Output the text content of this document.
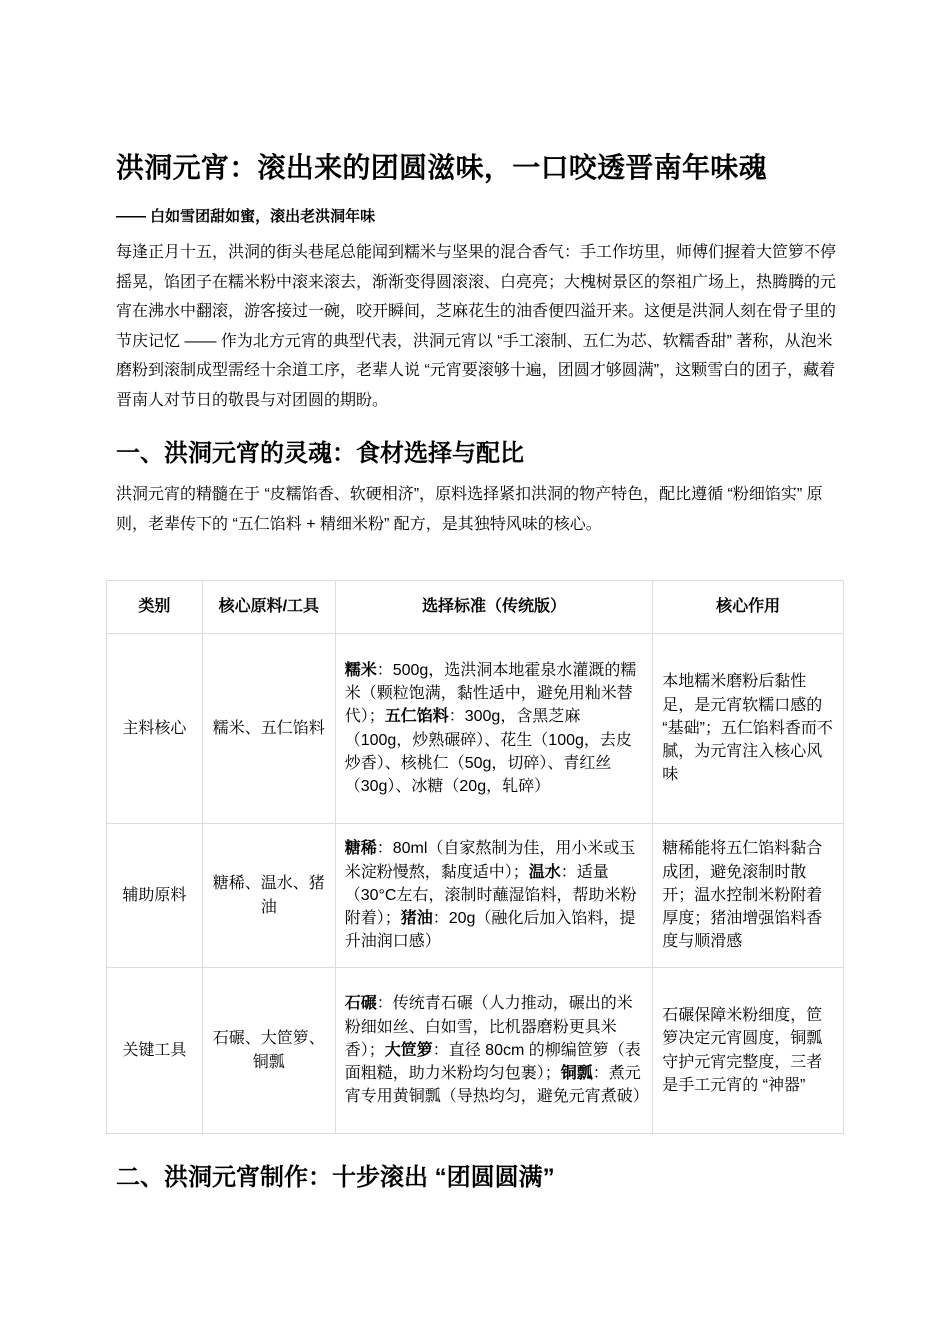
洪洞元宵：滚出来的团圆滋味，一口咬透晋南年味魂
—— 白如雪团甜如蜜，滚出老洪洞年味

每逢正月十五，洪洞的街头巷尾总能闻到糯米与坚果的混合香气：手工作坊里，师傅们握着大笸箩不停摇晃，馅团子在糯米粉中滚来滚去，渐渐变得圆滚滚、白亮亮；大槐树景区的祭祖广场上，热腾腾的元宵在沸水中翻滚，游客接过一碗，咬开瞬间，芝麻花生的油香便四溢开来。这便是洪洞人刻在骨子里的节庆记忆 —— 作为北方元宵的典型代表，洪洞元宵以 “手工滚制、五仁为芯、软糯香甜” 著称，从泡米磨粉到滚制成型需经十余道工序，老辈人说 “元宵要滚够十遍，团圆才够圆满”，这颗雪白的团子，藏着晋南人对节日的敬畏与对团圆的期盼。

一、洪洞元宵的灵魂：食材选择与配比

洪洞元宵的精髓在于 “皮糯馅香、软硬相济”，原料选择紧扣洪洞的物产特色，配比遵循 “粉细馅实” 原则，老辈传下的 “五仁馅料 + 精细米粉” 配方，是其独特风味的核心。

二、洪洞元宵制作：十步滚出 “团圆圆满”
类别	核心原料/工具	选择标准（传统版）	核心作用
主料核心	糯米、五仁馅料	糯米：500g，选洪洞本地霍泉水灌溉的糯米（颗粒饱满，黏性适中，避免用籼米替代）；五仁馅料：300g，含黑芝麻（100g，炒熟碾碎）、花生（100g，去皮炒香）、核桃仁（50g，切碎）、青红丝（30g）、冰糖（20g，轧碎）	本地糯米磨粉后黏性足，是元宵软糯口感的 “基础”；五仁馅料香而不腻，为元宵注入核心风味
辅助原料	糖稀、温水、猪油	糖稀：80ml（自家熬制为佳，用小米或玉米淀粉慢熬，黏度适中）；温水：适量（30°C左右，滚制时蘸湿馅料，帮助米粉附着）；猪油：20g（融化后加入馅料，提升油润口感）	糖稀能将五仁馅料黏合成团，避免滚制时散开；温水控制米粉附着厚度；猪油增强馅料香度与顺滑感
关键工具	石碾、大笸箩、铜瓢	石碾：传统青石碾（人力推动，碾出的米粉细如丝、白如雪，比机器磨粉更具米香）；大笸箩：直径 80cm 的柳编笸箩（表面粗糙，助力米粉均匀包裹）；铜瓢：煮元宵专用黄铜瓢（导热均匀，避免元宵煮破）	石碾保障米粉细度，笸箩决定元宵圆度，铜瓢守护元宵完整度，三者是手工元宵的 “神器”
